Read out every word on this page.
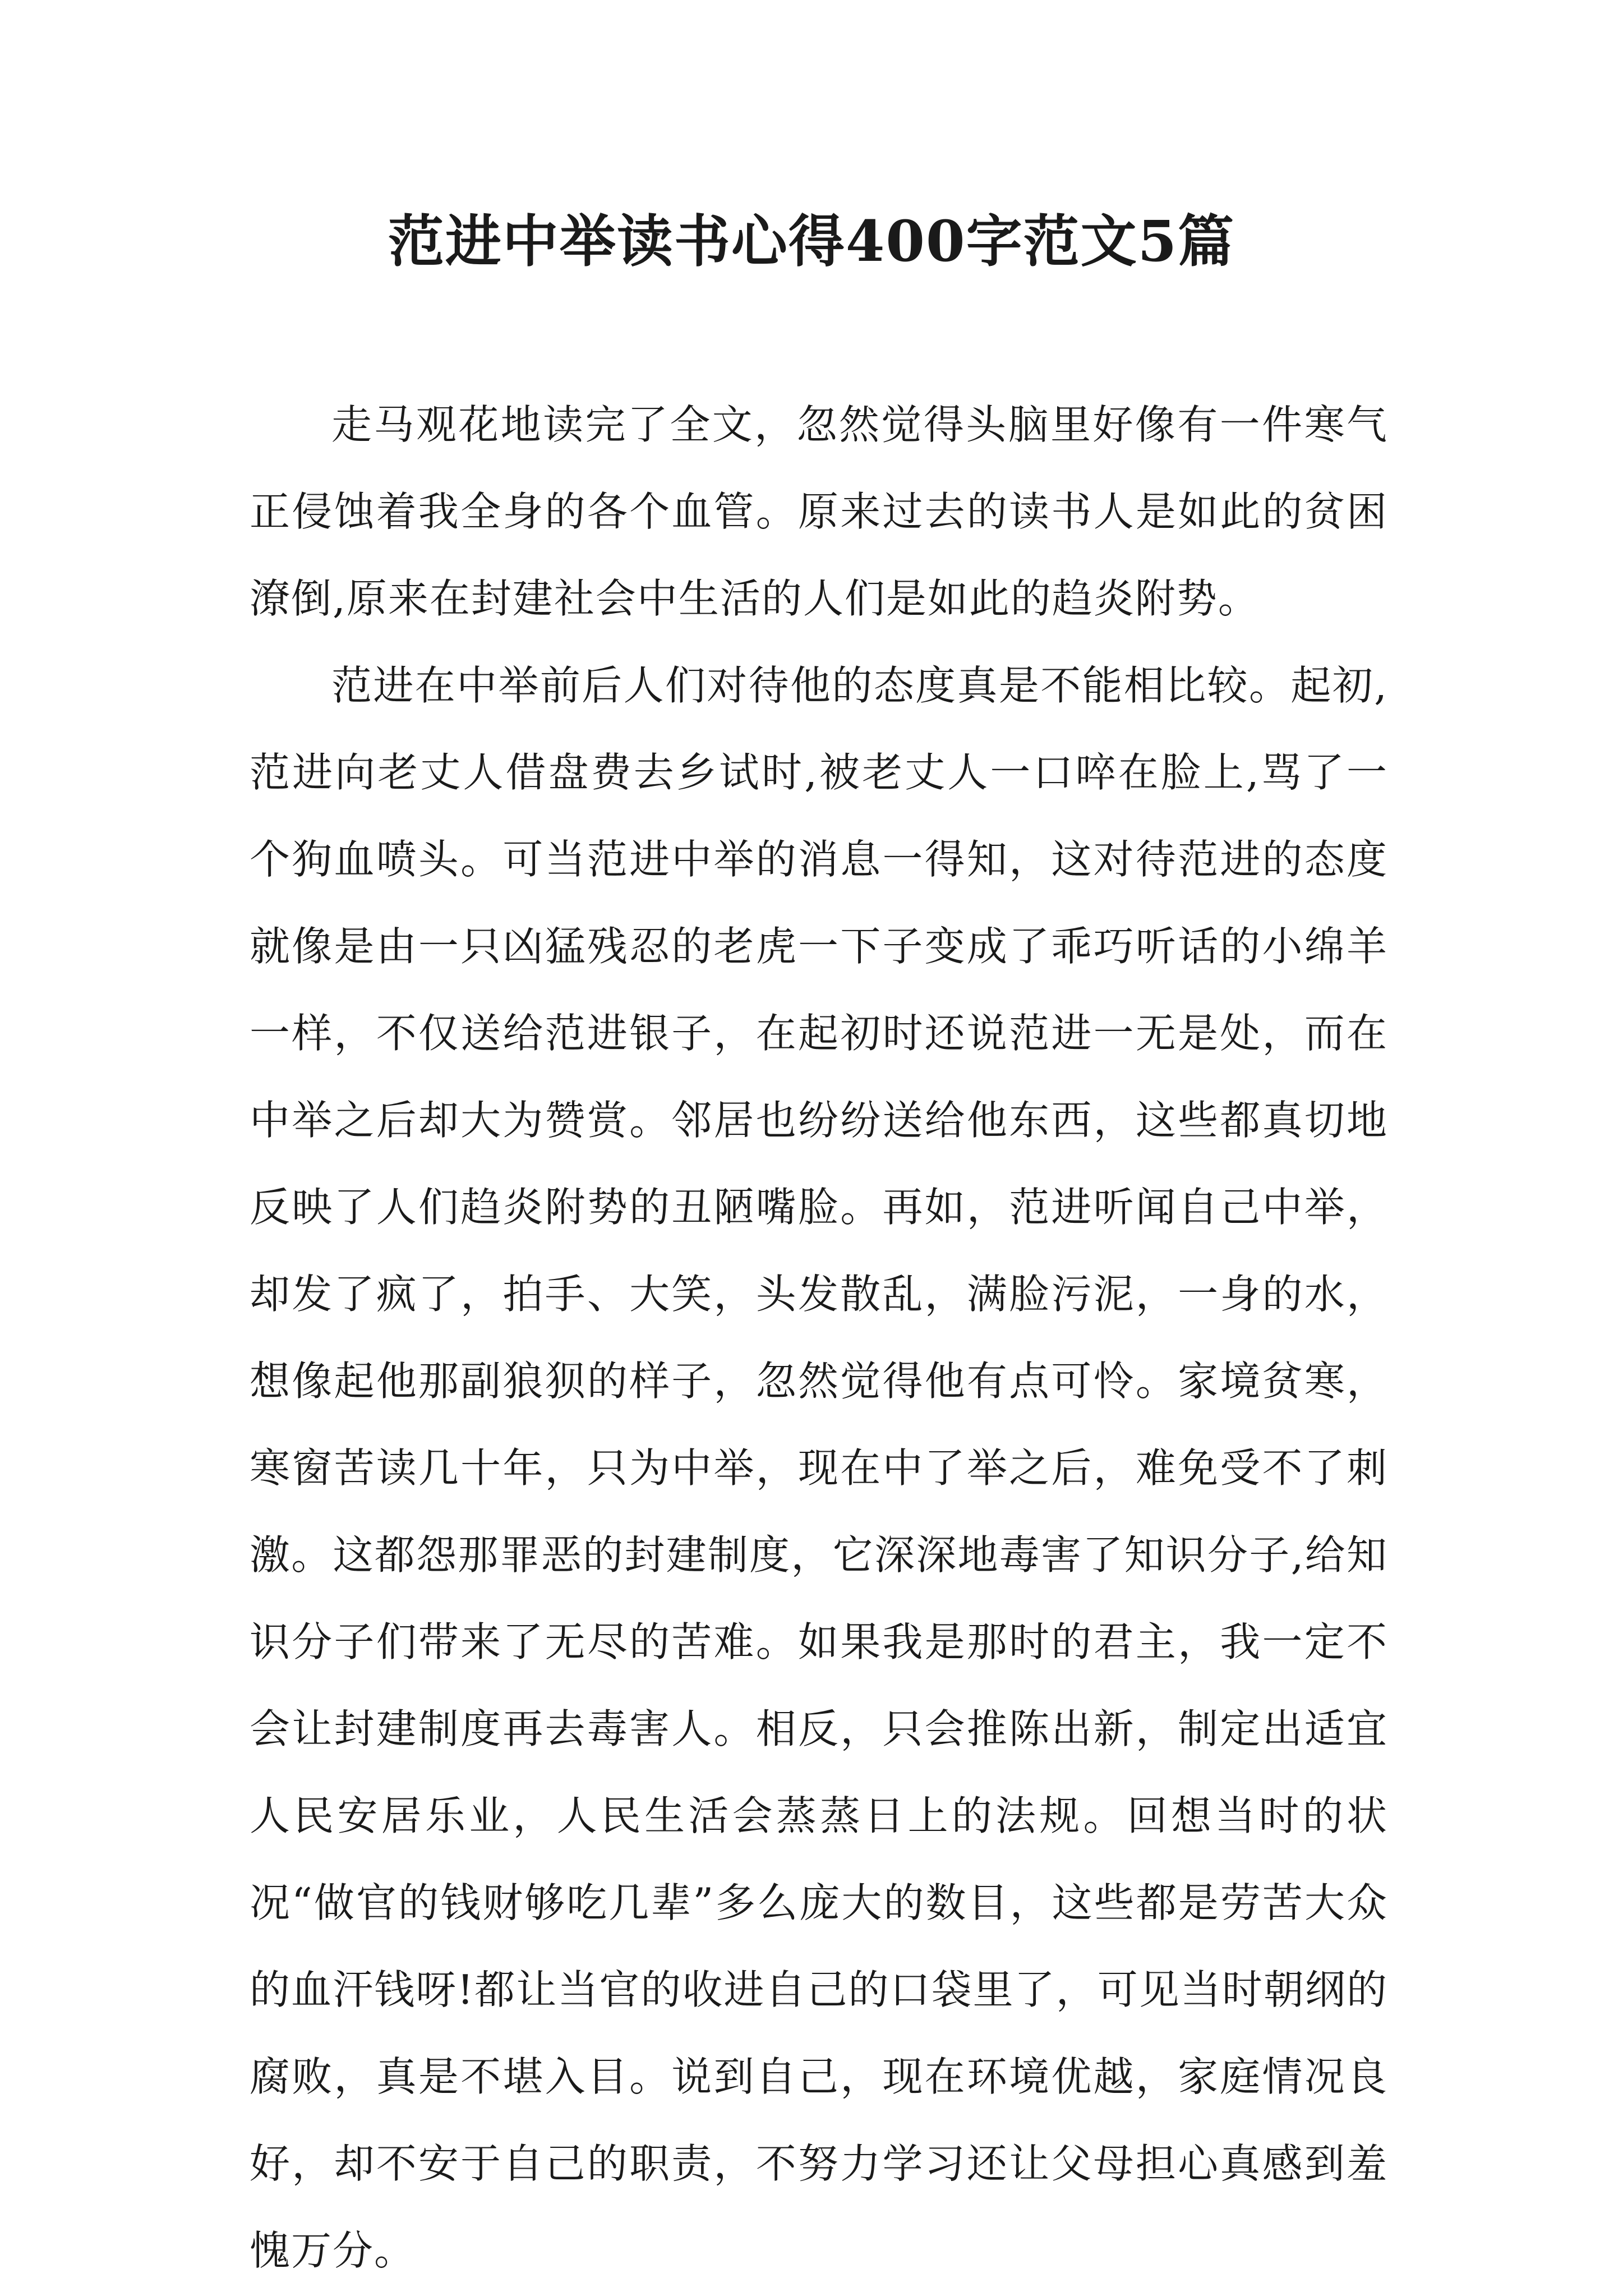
范进中举读书心得400字范文5篇

走马观花地读完了全文，忽然觉得头脑里好像有一件寒气正侵蚀着我全身的各个血管。原来过去的读书人是如此的贫困潦倒,原来在封建社会中生活的人们是如此的趋炎附势。

范进在中举前后人们对待他的态度真是不能相比较。起初,范进向老丈人借盘费去乡试时,被老丈人一口啐在脸上,骂了一个狗血喷头。可当范进中举的消息一得知，这对待范进的态度就像是由一只凶猛残忍的老虎一下子变成了乖巧听话的小绵羊一样，不仅送给范进银子，在起初时还说范进一无是处，而在中举之后却大为赞赏。邻居也纷纷送给他东西，这些都真切地反映了人们趋炎附势的丑陋嘴脸。再如，范进听闻自己中举，却发了疯了，拍手、大笑，头发散乱，满脸污泥，一身的水，想像起他那副狼狈的样子，忽然觉得他有点可怜。家境贫寒，寒窗苦读几十年，只为中举，现在中了举之后，难免受不了刺激。这都怨那罪恶的封建制度，它深深地毒害了知识分子,给知识分子们带来了无尽的苦难。如果我是那时的君主，我一定不会让封建制度再去毒害人。相反，只会推陈出新，制定出适宜人民安居乐业，人民生活会蒸蒸日上的法规。回想当时的状况“做官的钱财够吃几辈”多么庞大的数目，这些都是劳苦大众的血汗钱呀!都让当官的收进自己的口袋里了，可见当时朝纲的腐败，真是不堪入目。说到自己，现在环境优越，家庭情况良好，却不安于自己的职责，不努力学习还让父母担心真感到羞愧万分。
